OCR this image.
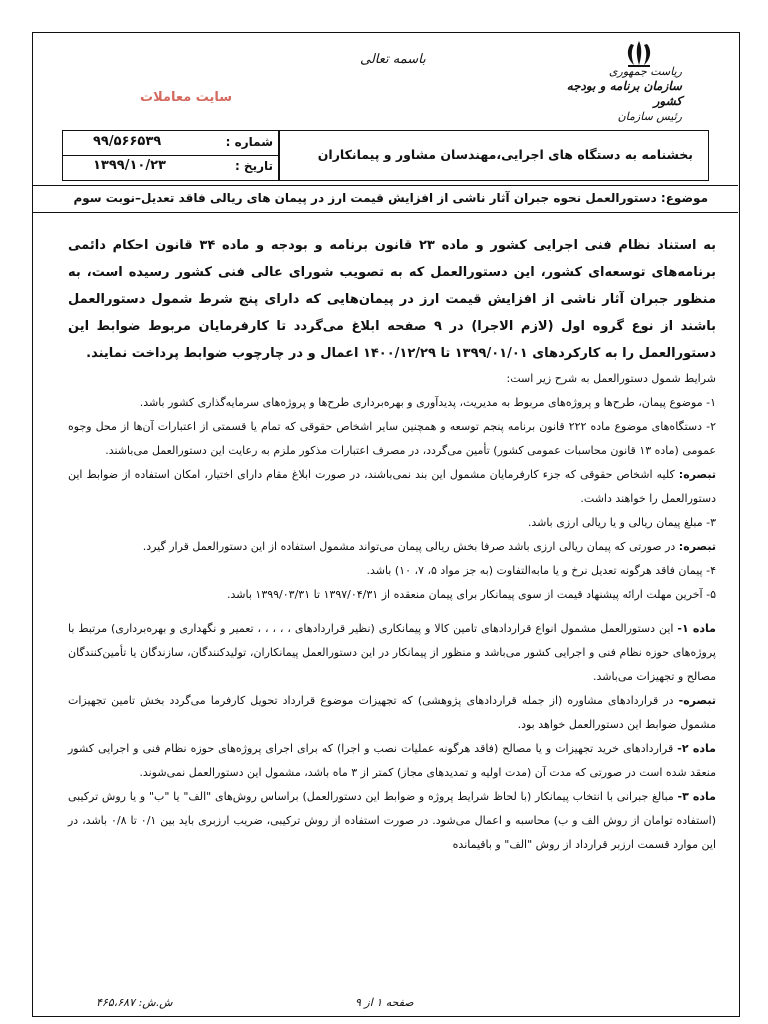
باسمه تعالی
ریاست جمهوری
سازمان برنامه و بودجه کشور
رئیس سازمان
سایت معاملات
بخشنامه به دستگاه های اجرایی،مهندسان مشاور و پیمانکاران
شماره :
۹۹/۵۶۶۵۳۹
تاریخ :
۱۳۹۹/۱۰/۲۳
موضوع: دستورالعمل نحوه جبران آثار ناشی از افزایش قیمت ارز در پیمان های ریالی فاقد تعدیل–نوبت سوم

به استناد نظام فنی اجرایی کشور و ماده ۲۳ قانون برنامه و بودجه و ماده ۳۴ قانون احکام دائمی برنامه‌های توسعه‌ای کشور، این دستورالعمل که به تصویب شورای عالی فنی کشور رسیده است، به منظور جبران آثار ناشی از افزایش قیمت ارز در پیمان‌هایی که دارای پنج شرط شمول دستورالعمل باشند از نوع گروه اول (لازم الاجرا) در ۹ صفحه ابلاغ می‌گردد تا کارفرمایان مربوط ضوابط این دستورالعمل را به کارکردهای ۱۳۹۹/۰۱/۰۱ تا ۱۴۰۰/۱۲/۲۹ اعمال و در چارچوب ضوابط پرداخت نمایند.

شرایط شمول دستورالعمل به شرح زیر است:

۱- موضوع پیمان، طرح‌ها و پروژه‌های مربوط به مدیریت، پدیدآوری و بهره‌برداری طرح‌ها و پروژه‌های سرمایه‌گذاری کشور باشد.

۲- دستگاه‌های موضوع ماده ۲۲۲ قانون برنامه پنجم توسعه و همچنین سایر اشخاص حقوقی که تمام یا قسمتی از اعتبارات آن‌ها از محل وجوه عمومی (ماده ۱۳ قانون محاسبات عمومی کشور) تأمین می‌گردد، در مصرف اعتبارات مذکور ملزم به رعایت این دستورالعمل می‌باشند.

تبصره: کلیه اشخاص حقوقی که جزء کارفرمایان مشمول این بند نمی‌باشند، در صورت ابلاغ مقام دارای اختیار، امکان استفاده از ضوابط این دستورالعمل را خواهند داشت.

۳- مبلغ پیمان ریالی و یا ریالی ارزی باشد.

تبصره: در صورتی که پیمان ریالی ارزی باشد صرفا بخش ریالی پیمان می‌تواند مشمول استفاده از این دستورالعمل قرار گیرد.

۴- پیمان فاقد هرگونه تعدیل نرخ و یا مابه‌التفاوت (به جز مواد ۵، ۷، ۱۰) باشد.

۵- آخرین مهلت ارائه پیشنهاد قیمت از سوی پیمانکار برای پیمان منعقده از ۱۳۹۷/۰۴/۳۱ تا ۱۳۹۹/۰۳/۳۱ باشد.

ماده ۱- این دستورالعمل مشمول انواع قراردادهای تامین کالا و پیمانکاری (نظیر قراردادهای ، ، ، ، ، تعمیر و نگهداری و بهره‌برداری) مرتبط با پروژه‌های حوزه نظام فنی و اجرایی کشور می‌باشد و منظور از پیمانکار در این دستورالعمل پیمانکاران، تولیدکنندگان، سازندگان یا تأمین‌کنندگان مصالح و تجهیزات می‌باشد.

تبصره- در قراردادهای مشاوره (از جمله قراردادهای پژوهشی) که تجهیزات موضوع قرارداد تحویل کارفرما می‌گردد بخش تامین تجهیزات مشمول ضوابط این دستورالعمل خواهد بود.

ماده ۲- قراردادهای خرید تجهیزات و یا مصالح (فاقد هرگونه عملیات نصب و اجرا) که برای اجرای پروژه‌های حوزه نظام فنی و اجرایی کشور منعقد شده است در صورتی که مدت آن (مدت اولیه و تمدیدهای مجاز) کمتر از ۳ ماه باشد، مشمول این دستورالعمل نمی‌شوند.

ماده ۳- مبالغ جبرانی با انتخاب پیمانکار (با لحاظ شرایط پروژه و ضوابط این دستورالعمل) براساس روش‌های "الف" یا "ب" و یا روش ترکیبی (استفاده توامان از روش الف و ب) محاسبه و اعمال می‌شود. در صورت استفاده از روش ترکیبی، ضریب ارزبری باید بین ۰/۱ تا ۰/۸ باشد، در این موارد قسمت ارزبر قرارداد از روش "الف" و باقیمانده

صفحه ۱ از ۹
ش.ش: ۴۶۵،۶۸۷
